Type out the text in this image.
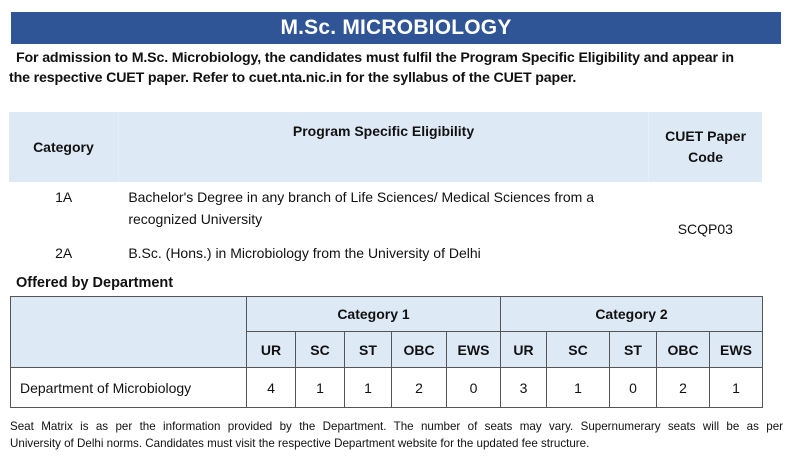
M.Sc. MICROBIOLOGY
For admission to M.Sc. Microbiology, the candidates must fulfil the Program Specific Eligibility and appear in
the respective CUET paper. Refer to cuet.nta.nic.in for the syllabus of the CUET paper.
Category	Program Specific Eligibility	CUET Paper Code
1A	Bachelor's Degree in any branch of Life Sciences/ Medical Sciences from a recognized University	SCQP03
2A	B.Sc. (Hons.) in Microbiology from the University of Delhi	
Offered by Department
	Category 1					Category 2				
	UR	SC	ST	OBC	EWS	UR	SC	ST	OBC	EWS
Department of Microbiology	4	1	1	2	0	3	1	0	2	1
Seat Matrix is as per the information provided by the Department. The number of seats may vary. Supernumerary seats will be as per
University of Delhi norms. Candidates must visit the respective Department website for the updated fee structure.
